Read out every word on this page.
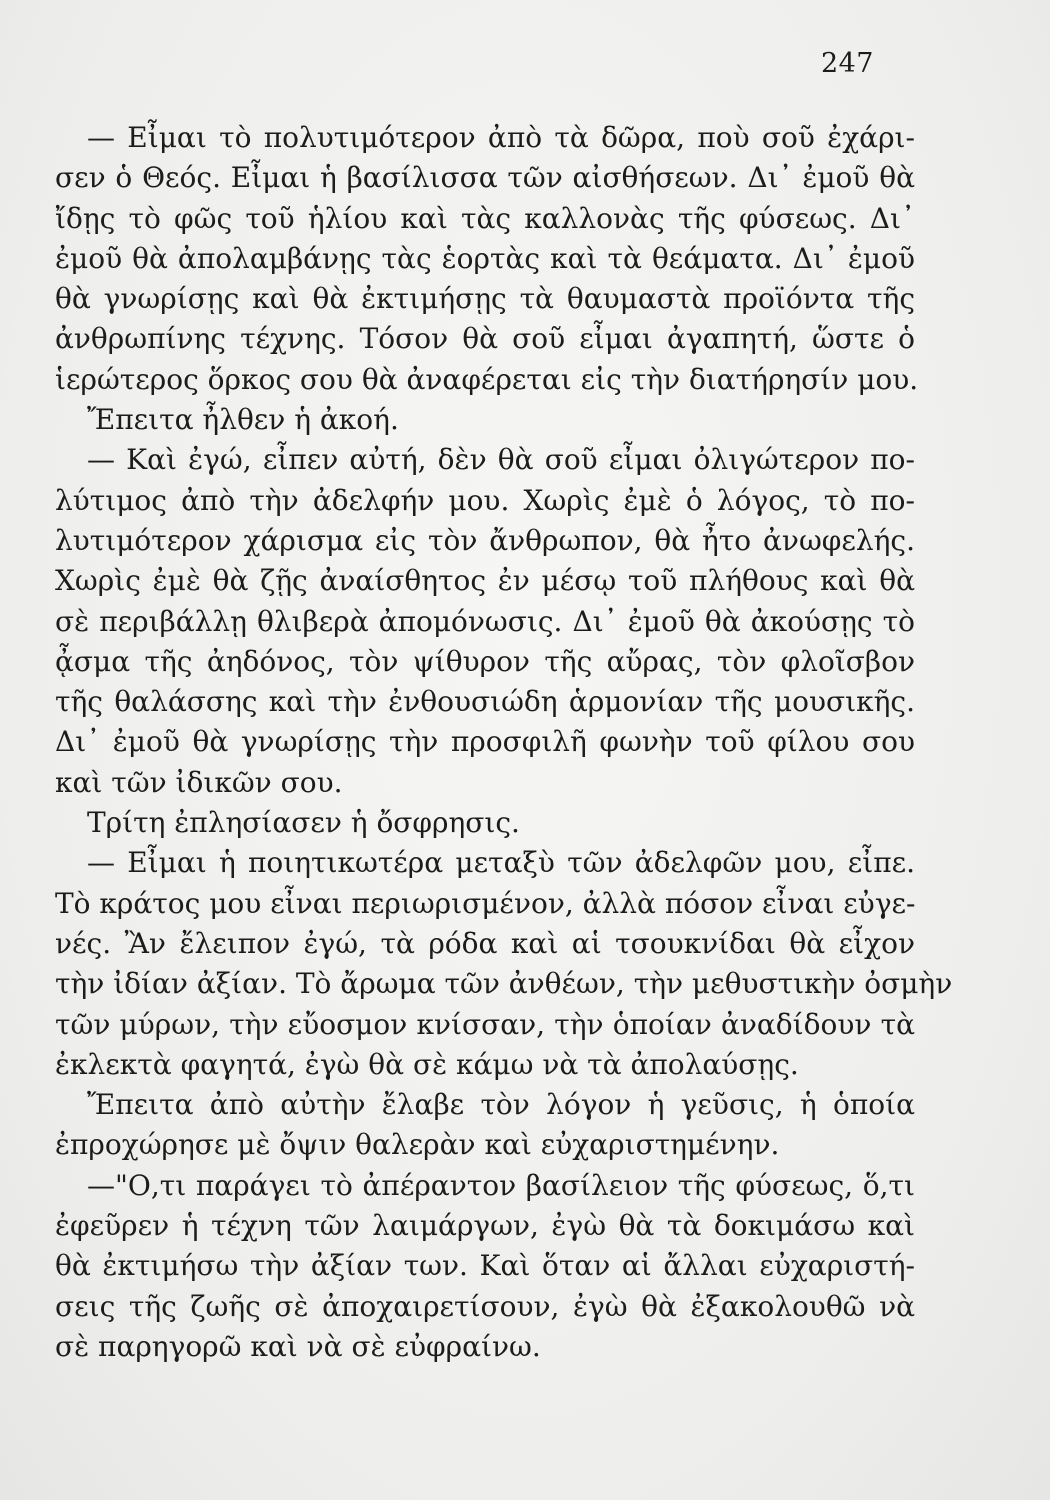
247
— Εἶμαι τὸ πολυτιμότερον ἀπὸ τὰ δῶρα, ποὺ σοῦ ἐχάρι-
σεν ὁ Θεός. Εἶμαι ἡ βασίλισσα τῶν αἰσθήσεων. Δι᾽ ἐμοῦ θὰ
ἴδῃς τὸ φῶς τοῦ ἡλίου καὶ τὰς καλλονὰς τῆς φύσεως. Δι᾽
ἐμοῦ θὰ ἀπολαμβάνῃς τὰς ἑορτὰς καὶ τὰ θεάματα. Δι᾽ ἐμοῦ
θὰ γνωρίσῃς καὶ θὰ ἐκτιμήσῃς τὰ θαυμαστὰ προϊόντα τῆς
ἀνθρωπίνης τέχνης. Τόσον θὰ σοῦ εἶμαι ἀγαπητή, ὥστε ὁ
ἱερώτερος ὅρκος σου θὰ ἀναφέρεται εἰς τὴν διατήρησίν μου.
Ἔπειτα ἦλθεν ἡ ἀκοή.
— Καὶ ἐγώ, εἶπεν αὐτή, δὲν θὰ σοῦ εἶμαι ὀλιγώτερον πο-
λύτιμος ἀπὸ τὴν ἀδελφήν μου. Χωρὶς ἐμὲ ὁ λόγος, τὸ πο-
λυτιμότερον χάρισμα εἰς τὸν ἄνθρωπον, θὰ ἦτο ἀνωφελής.
Χωρὶς ἐμὲ θὰ ζῇς ἀναίσθητος ἐν μέσῳ τοῦ πλήθους καὶ θὰ
σὲ περιβάλλῃ θλιβερὰ ἀπομόνωσις. Δι᾽ ἐμοῦ θὰ ἀκούσῃς τὸ
ᾆσμα τῆς ἀηδόνος, τὸν ψίθυρον τῆς αὔρας, τὸν φλοῖσβον
τῆς θαλάσσης καὶ τὴν ἐνθουσιώδη ἁρμονίαν τῆς μουσικῆς.
Δι᾽ ἐμοῦ θὰ γνωρίσῃς τὴν προσφιλῆ φωνὴν τοῦ φίλου σου
καὶ τῶν ἰδικῶν σου.
Τρίτη ἐπλησίασεν ἡ ὄσφρησις.
— Εἶμαι ἡ ποιητικωτέρα μεταξὺ τῶν ἀδελφῶν μου, εἶπε.
Τὸ κράτος μου εἶναι περιωρισμένον, ἀλλὰ πόσον εἶναι εὐγε-
νές. Ἂν ἔλειπον ἐγώ, τὰ ρόδα καὶ αἱ τσουκνίδαι θὰ εἶχον
τὴν ἰδίαν ἀξίαν. Τὸ ἄρωμα τῶν ἀνθέων, τὴν μεθυστικὴν ὀσμὴν
τῶν μύρων, τὴν εὔοσμον κνίσσαν, τὴν ὁποίαν ἀναδίδουν τὰ
ἐκλεκτὰ φαγητά, ἐγὼ θὰ σὲ κάμω νὰ τὰ ἀπολαύσῃς.
Ἔπειτα ἀπὸ αὐτὴν ἔλαβε τὸν λόγον ἡ γεῦσις, ἡ ὁποία
ἐπροχώρησε μὲ ὄψιν θαλερὰν καὶ εὐχαριστημένην.
—"Ο,τι παράγει τὸ ἀπέραντον βασίλειον τῆς φύσεως, ὅ,τι
ἐφεῦρεν ἡ τέχνη τῶν λαιμάργων, ἐγὼ θὰ τὰ δοκιμάσω καὶ
θὰ ἐκτιμήσω τὴν ἀξίαν των. Καὶ ὅταν αἱ ἄλλαι εὐχαριστή-
σεις τῆς ζωῆς σὲ ἀποχαιρετίσουν, ἐγὼ θὰ ἐξακολουθῶ νὰ
σὲ παρηγορῶ καὶ νὰ σὲ εὐφραίνω.
